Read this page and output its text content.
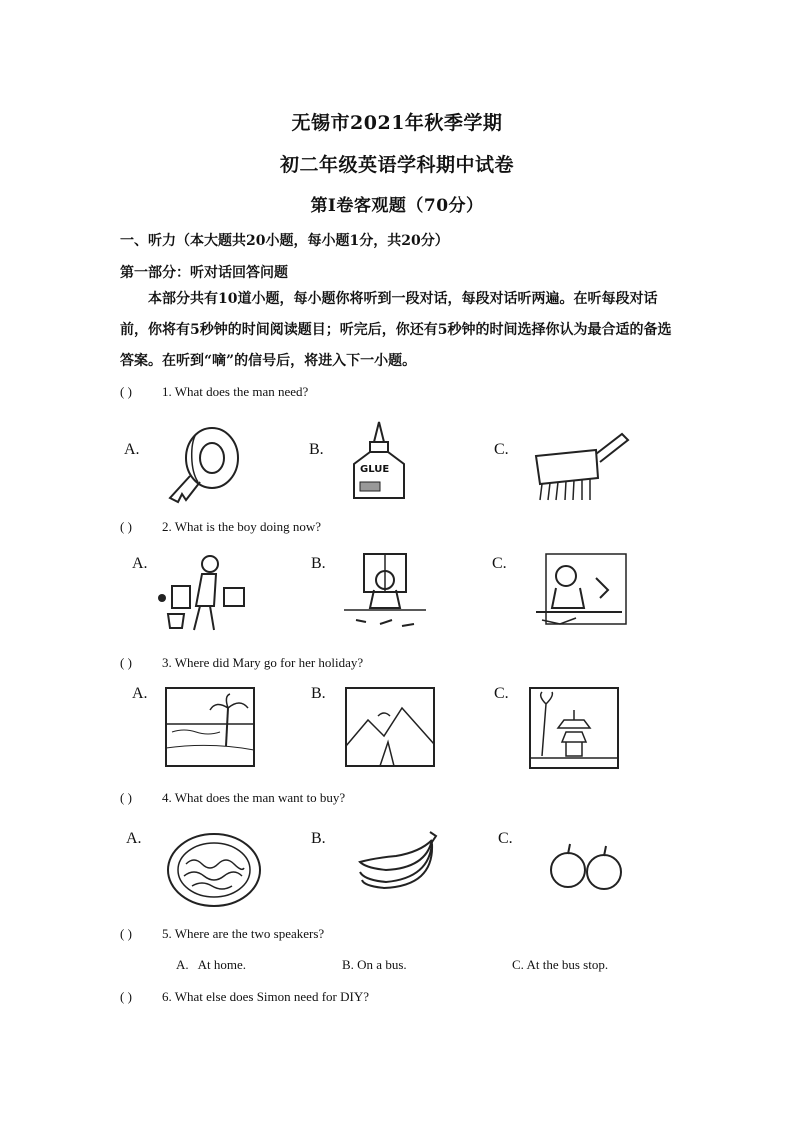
无锡市2021年秋季学期
初二年级英语学科期中试卷
第Ⅰ卷客观题（70分）
一、听力（本大题共20小题，每小题1分，共20分）
第一部分：听对话回答问题
本部分共有10道小题，每小题你将听到一段对话，每段对话听两遍。在听每段对话前，你将有5秒钟的时间阅读题目；听完后，你还有5秒钟的时间选择你认为最合适的备选答案。在听到“嘀”的信号后，将进入下一小题。
( ) 1. What does the man need?
A.	B.
GLUE
C.
( ) 2. What is the boy doing now?
A.	B.	C.
( ) 3. Where did Mary go for her holiday?
A.	B.	C.
( ) 4. What does the man want to buy?
A.	B.	C.
( ) 5. Where are the two speakers?
A.   At home.	B. On a bus.	C. At the bus stop.
( ) 6. What else does Simon need for DIY?
